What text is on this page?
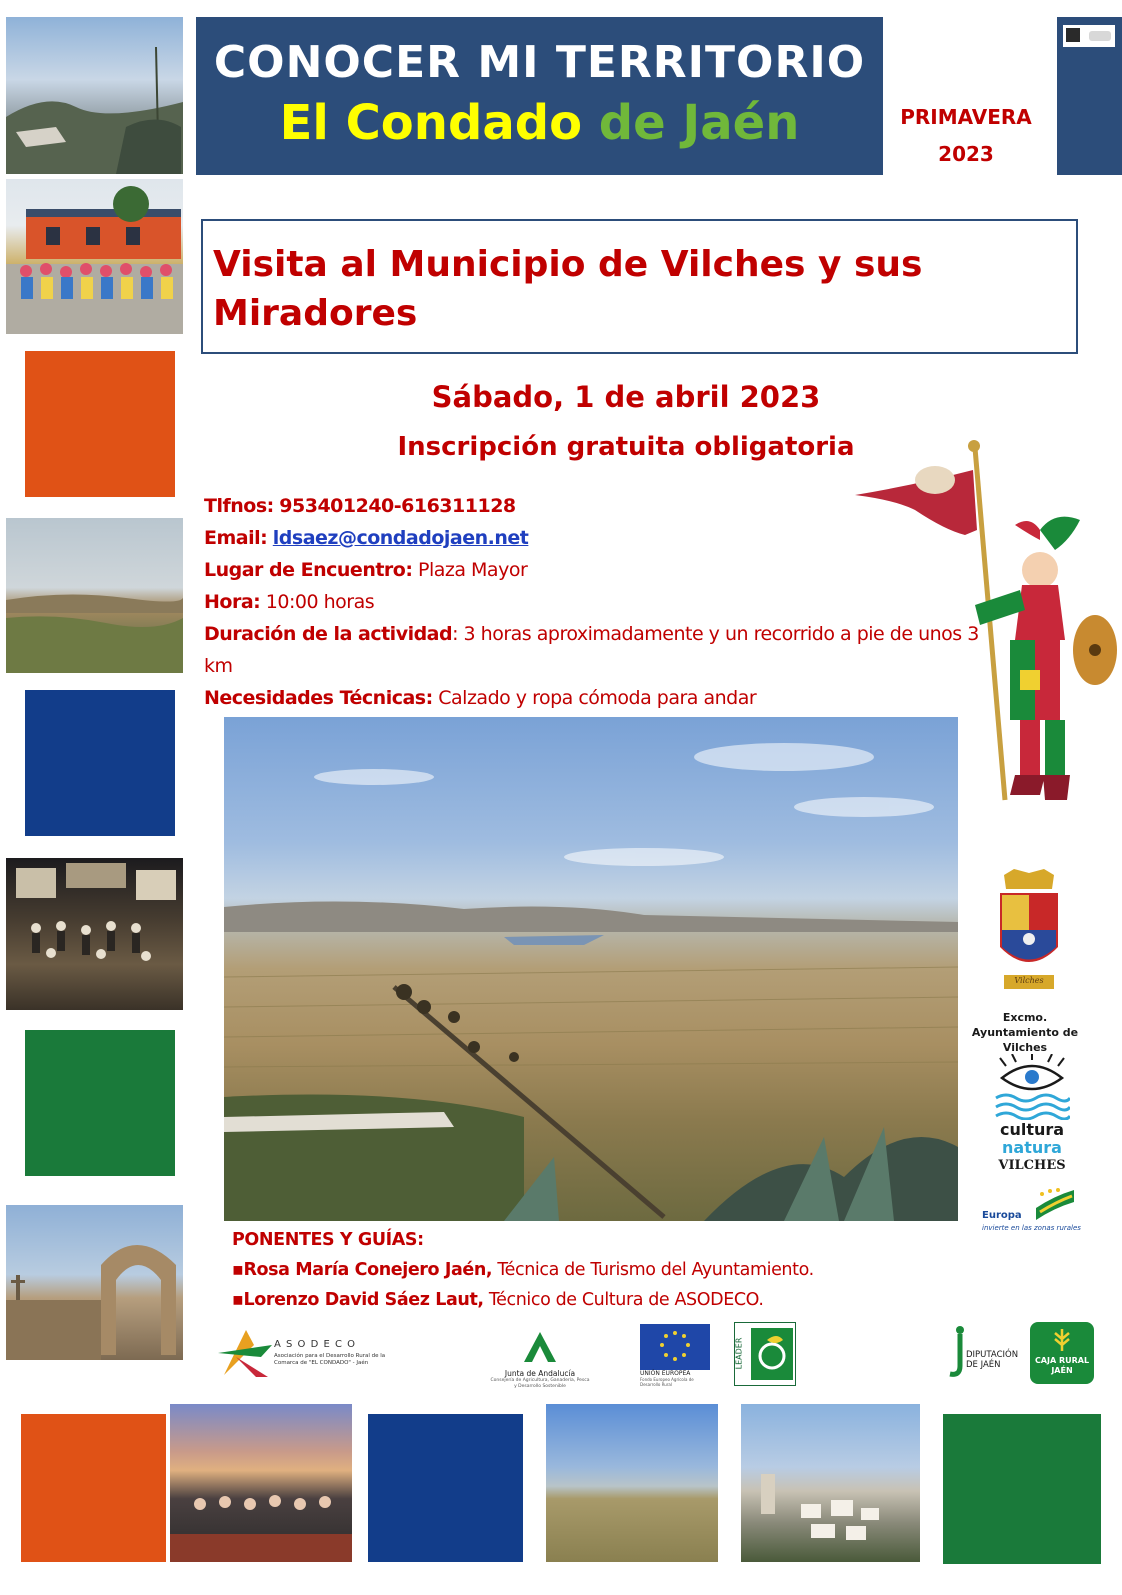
CONOCER MI TERRITORIO
El Condado de Jaén	PRIMAVERA
2023
Visita al Municipio de Vilches y sus Miradores
Sábado, 1 de abril 2023
Inscripción gratuita obligatoria
Tlfnos: 953401240-616311128
Email: ldsaez@condadojaen.net
Lugar de Encuentro: Plaza Mayor
Hora: 10:00 horas
Duración de la actividad: 3 horas aproximadamente y un recorrido a pie de unos 3 km
Necesidades Técnicas: Calzado y ropa cómoda para andar
Vilches
Excmo. Ayuntamiento de Vilches
cultura
natura
VILCHES
Europa
invierte en las zonas rurales
PONENTES Y GUÍAS:
▪Rosa María Conejero Jaén, Técnica de Turismo del Ayuntamiento.
▪Lorenzo David Sáez Laut, Técnico de Cultura de ASODECO.
A S O D E C O
Asociación para el Desarrollo Rural de la Comarca de "EL CONDADO" - Jaén
Junta de Andalucía
Consejería de Agricultura, Ganadería, Pesca y Desarrollo Sostenible
UNIÓN EUROPEA
Fondo Europeo Agrícola de Desarrollo Rural
LEADER	DIPUTACIÓN DE JAÉN	CAJA RURAL JAÉN
